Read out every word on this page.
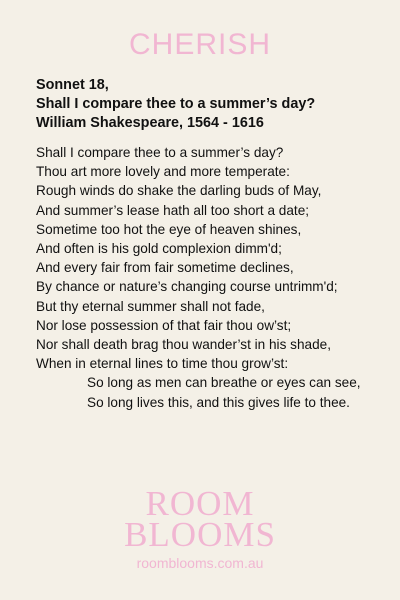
CHERISH
Sonnet 18,
Shall I compare thee to a summer’s day?
William Shakespeare, 1564 - 1616
Shall I compare thee to a summer’s day?
Thou art more lovely and more temperate:
Rough winds do shake the darling buds of May,
And summer’s lease hath all too short a date;
Sometime too hot the eye of heaven shines,
And often is his gold complexion dimm'd;
And every fair from fair sometime declines,
By chance or nature’s changing course untrimm'd;
But thy eternal summer shall not fade,
Nor lose possession of that fair thou ow’st;
Nor shall death brag thou wander’st in his shade,
When in eternal lines to time thou grow’st:
So long as men can breathe or eyes can see,
So long lives this, and this gives life to thee.
ROOM
BLOOMS
roomblooms.com.au
